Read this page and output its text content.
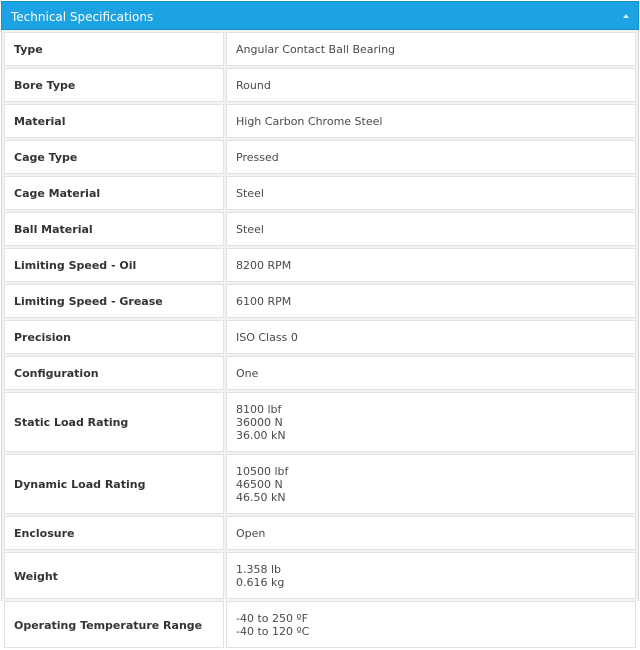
Technical Specifications
Type	Angular Contact Ball Bearing

Bore Type	Round

Material	High Carbon Chrome Steel

Cage Type	Pressed

Cage Material	Steel

Ball Material	Steel

Limiting Speed - Oil	8200 RPM

Limiting Speed - Grease	6100 RPM

Precision	ISO Class 0

Configuration	One

Static Load Rating	8100 lbf
36000 N
36.00 kN

Dynamic Load Rating	10500 lbf
46500 N
46.50 kN

Enclosure	Open

Weight	1.358 lb
0.616 kg

Operating Temperature Range	-40 to 250 ºF
-40 to 120 ºC
